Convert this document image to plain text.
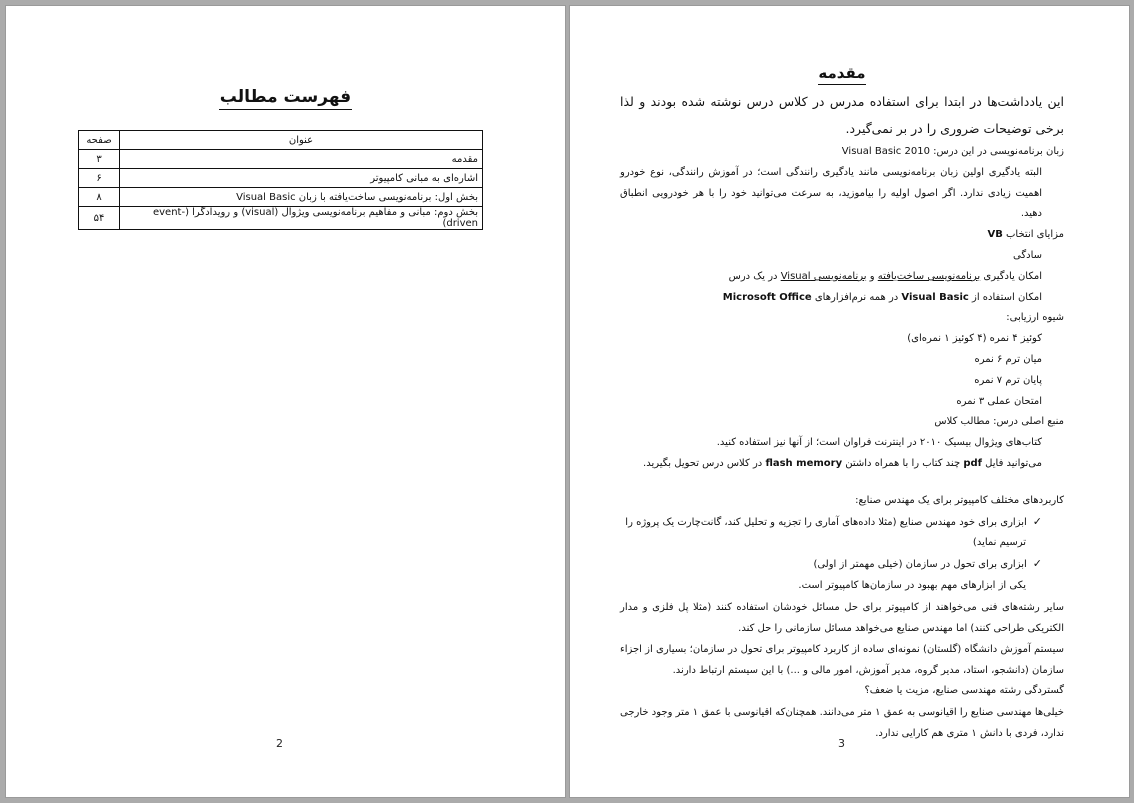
فهرست مطالب
عنوان	صفحه
مقدمه	۳
اشاره‌ای به مبانی کامپیوتر	۶
بخش اول: برنامه‌نویسی ساخت‌یافته با زبان Visual Basic	۸
بخش دوم: مبانی و مفاهیم برنامه‌نویسی ویژوال (visual) و رویدادگرا (event-driven)	۵۴
2
مقدمه
این یادداشت‌ها در ابتدا برای استفاده مدرس در کلاس درس نوشته شده بودند و لذا برخی توضیحات ضروری را در بر نمی‌گیرد.
زبان برنامه‌نویسی در این درس: Visual Basic 2010
البته یادگیری اولین زبان برنامه‌نویسی مانند یادگیری رانندگی است؛ در آموزش رانندگی، نوع خودرو اهمیت زیادی ندارد. اگر اصول اولیه را بیاموزید، به سرعت می‌توانید خود را با هر خودرویی انطباق دهید.
مزایای انتخاب VB
سادگی
امکان یادگیری برنامه‌نویسی ساخت‌یافته و برنامه‌نویسی Visual در یک درس
امکان استفاده از Visual Basic در همه نرم‌افزارهای Microsoft Office
شیوه ارزیابی:
کوئیز ۴ نمره (۴ کوئیز ۱ نمره‌ای)
میان ترم ۶ نمره
پایان ترم ۷ نمره
امتحان عملی ۳ نمره
منبع اصلی درس: مطالب کلاس
کتاب‌های ویژوال بیسیک ۲۰۱۰ در اینترنت فراوان است؛ از آنها نیز استفاده کنید.
می‌توانید فایل pdf چند کتاب را با همراه داشتن flash memory در کلاس درس تحویل بگیرید.
کاربردهای مختلف کامپیوتر برای یک مهندس صنایع:
✓ابزاری برای خود مهندس صنایع (مثلا داده‌های آماری را تجزیه و تحلیل کند، گانت‌چارت یک پروژه را
ترسیم نماید)
✓ابزاری برای تحول در سازمان (خیلی مهمتر از اولی)
یکی از ابزارهای مهم بهبود در سازمان‌ها کامپیوتر است.
سایر رشته‌های فنی می‌خواهند از کامپیوتر برای حل مسائل خودشان استفاده کنند (مثلا پل فلزی و مدار الکتریکی طراحی کنند) اما مهندس صنایع می‌خواهد مسائل سازمانی را حل کند.
سیستم آموزش دانشگاه (گلستان) نمونه‌ای ساده از کاربرد کامپیوتر برای تحول در سازمان؛ بسیاری از اجزاء سازمان (دانشجو، استاد، مدیر گروه، مدیر آموزش، امور مالی و ...) با این سیستم ارتباط دارند.
گستردگی رشته مهندسی صنایع، مزیت یا ضعف؟
خیلی‌ها مهندسی صنایع را اقیانوسی به عمق ۱ متر می‌دانند. همچنان‌که اقیانوسی با عمق ۱ متر وجود خارجی ندارد، فردی با دانش ۱ متری هم کارایی ندارد.
3
